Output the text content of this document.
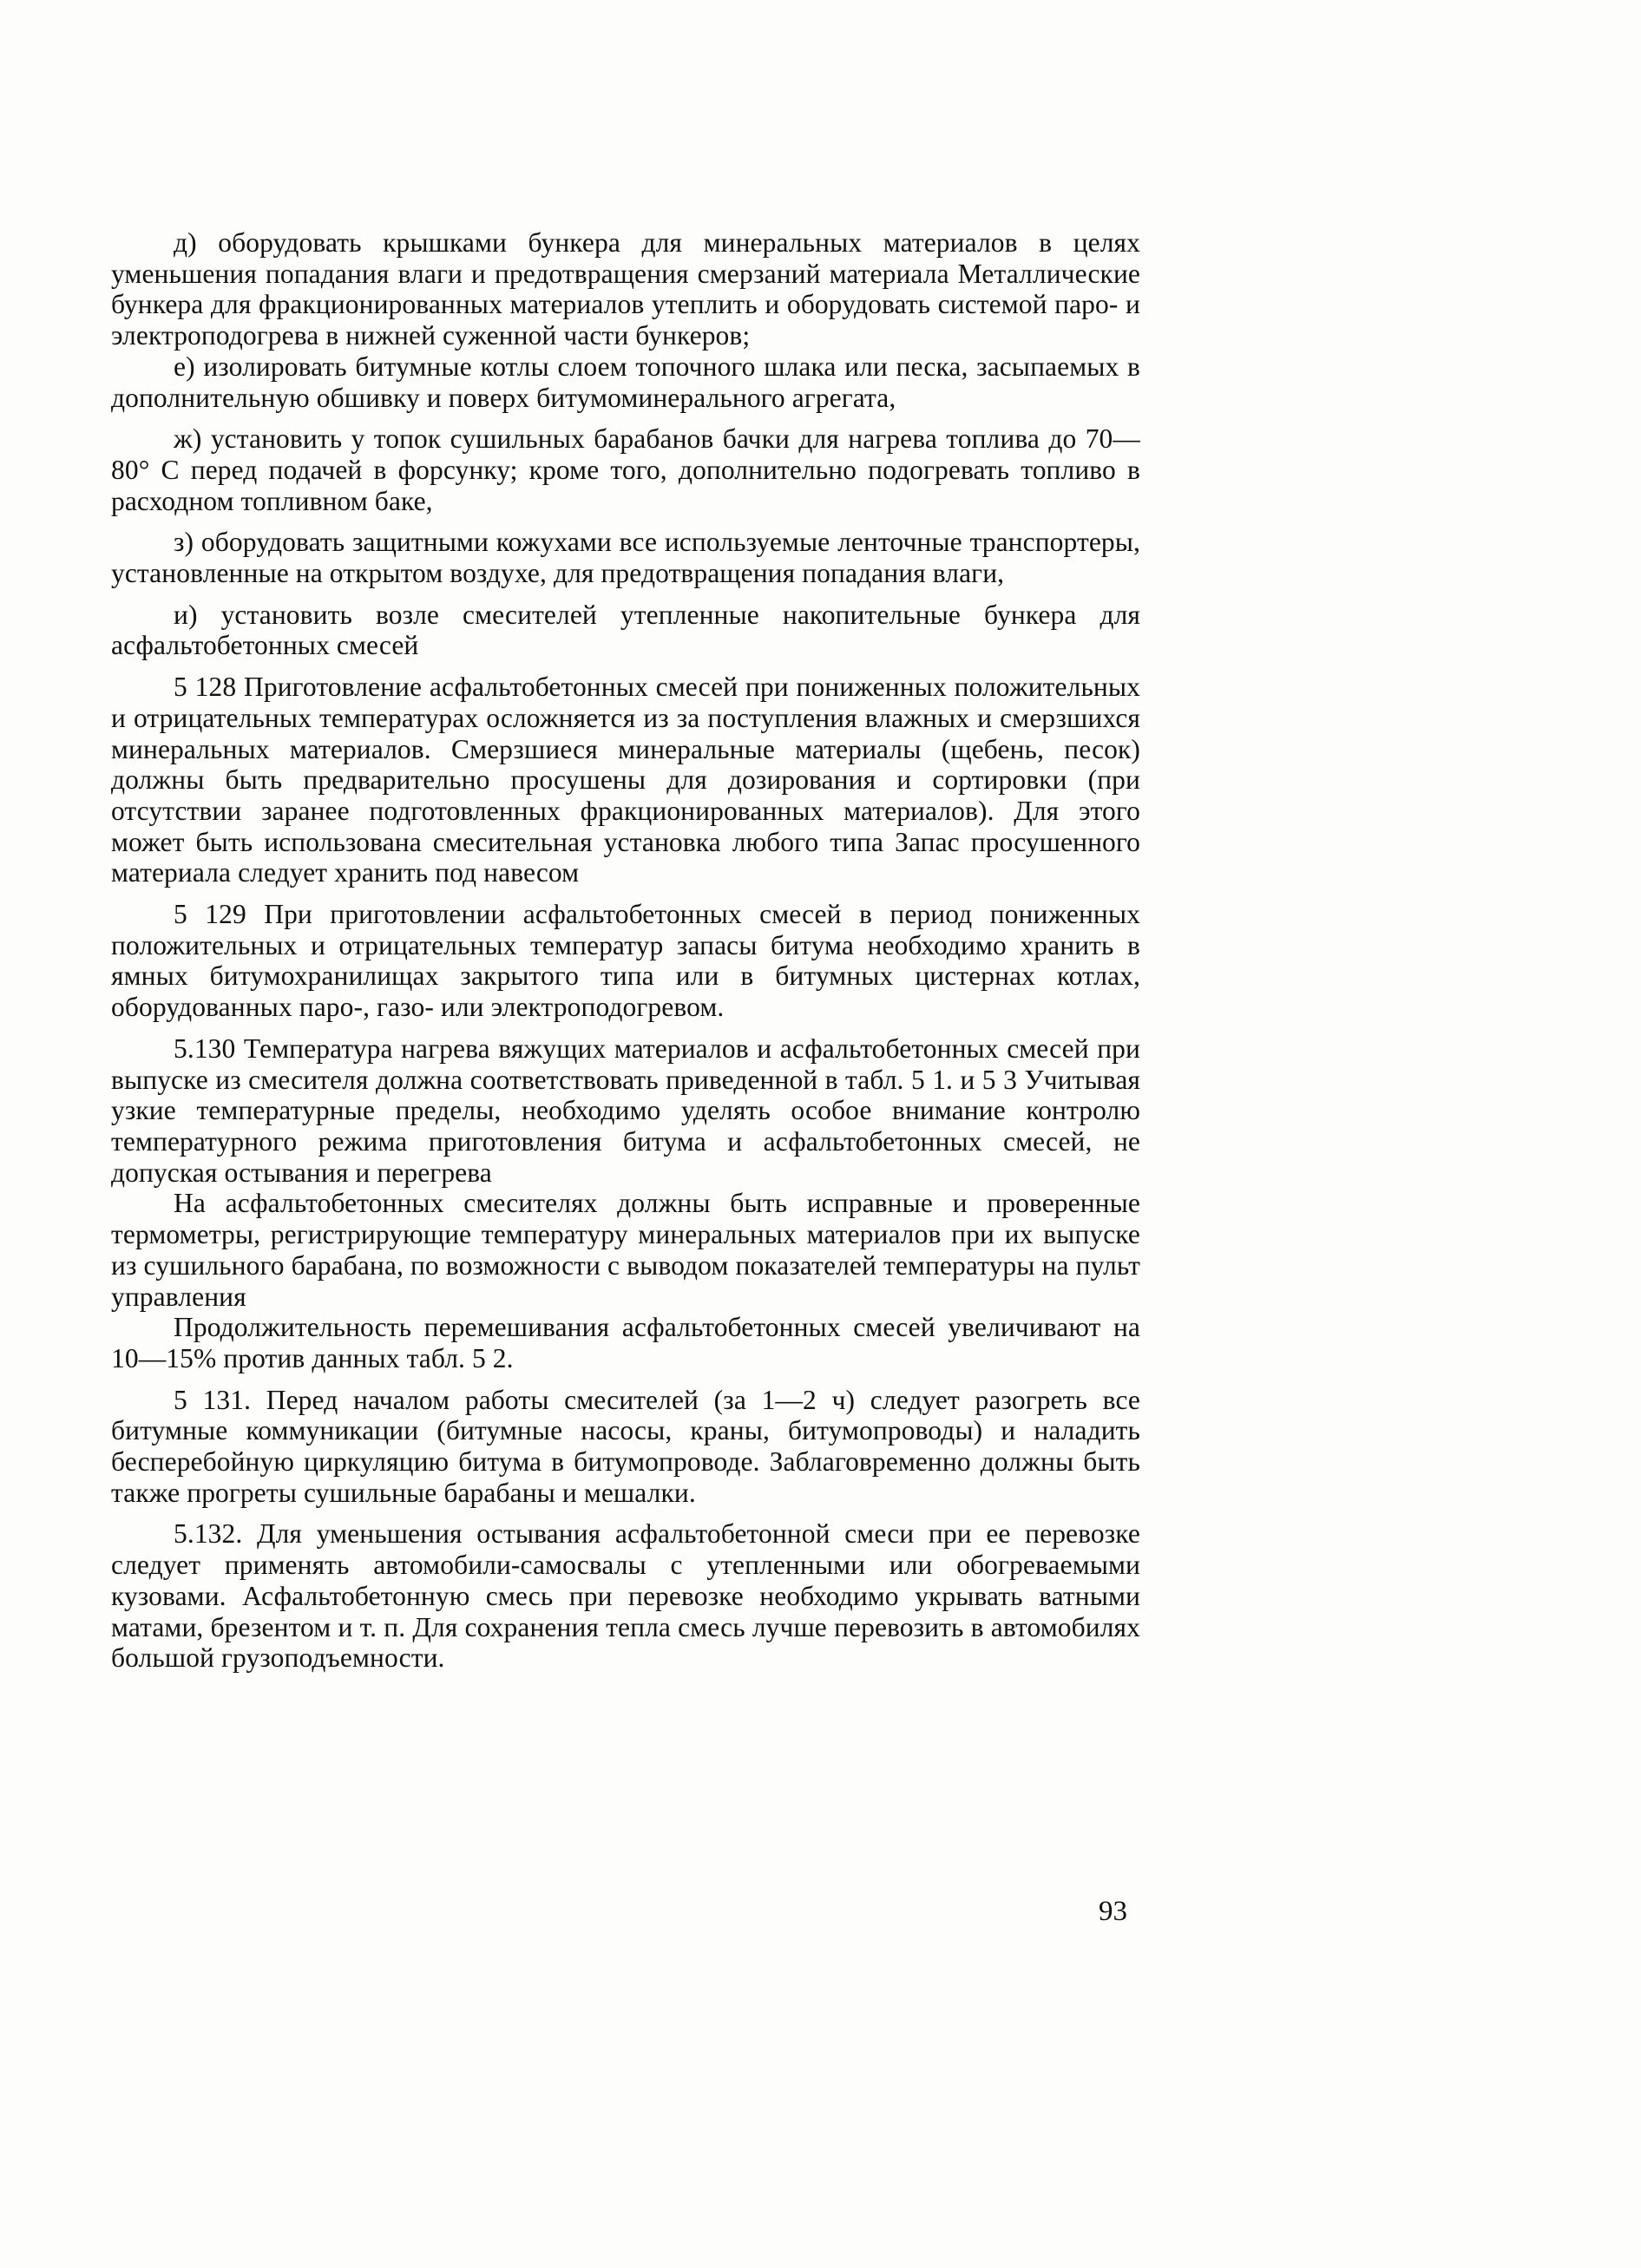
д) оборудовать крышками бункера для минеральных материалов в целях уменьшения попадания влаги и предотвращения смерзаний материала Металлические бункера для фракционированных материалов утеплить и оборудовать системой паро- и электроподогрева в нижней суженной части бункеров;

е) изолировать битумные котлы слоем топочного шлака или песка, засыпаемых в дополнительную обшивку и поверх битумоминерального агрегата,

ж) установить у топок сушильных барабанов бачки для нагрева топлива до 70—80° С перед подачей в форсунку; кроме того, дополнительно подогревать топливо в расходном топливном баке,

з) оборудовать защитными кожухами все используемые ленточные транспортеры, установленные на открытом воздухе, для предотвращения попадания влаги,

и) установить возле смесителей утепленные накопительные бункера для асфальтобетонных смесей

5 128 Приготовление асфальтобетонных смесей при пониженных положительных и отрицательных температурах осложняется из за поступления влажных и смерзшихся минеральных материалов. Смерзшиеся минеральные материалы (щебень, песок) должны быть предварительно просушены для дозирования и сортировки (при отсутствии заранее подготовленных фракционированных материалов). Для этого может быть использована смесительная установка любого типа Запас просушенного материала следует хранить под навесом

5 129 При приготовлении асфальтобетонных смесей в период пониженных положительных и отрицательных температур запасы битума необходимо хранить в ямных битумохранилищах закрытого типа или в битумных цистернах котлах, оборудованных паро-, газо- или электроподогревом.

5.130 Температура нагрева вяжущих материалов и асфальтобетонных смесей при выпуске из смесителя должна соответствовать приведенной в табл. 5 1. и 5 3 Учитывая узкие температурные пределы, необходимо уделять особое внимание контролю температурного режима приготовления битума и асфальтобетонных смесей, не допуская остывания и перегрева

На асфальтобетонных смесителях должны быть исправные и проверенные термометры, регистрирующие температуру минеральных материалов при их выпуске из сушильного барабана, по возможности с выводом показателей температуры на пульт управления

Продолжительность перемешивания асфальтобетонных смесей увеличивают на 10—15% против данных табл. 5 2.

5 131. Перед началом работы смесителей (за 1—2 ч) следует разогреть все битумные коммуникации (битумные насосы, краны, битумопроводы) и наладить бесперебойную циркуляцию битума в битумопроводе. Заблаговременно должны быть также прогреты сушильные барабаны и мешалки.

5.132. Для уменьшения остывания асфальтобетонной смеси при ее перевозке следует применять автомобили-самосвалы с утепленными или обогреваемыми кузовами. Асфальтобетонную смесь при перевозке необходимо укрывать ватными матами, брезентом и т. п. Для сохранения тепла смесь лучше перевозить в автомобилях большой грузоподъемности.

93
